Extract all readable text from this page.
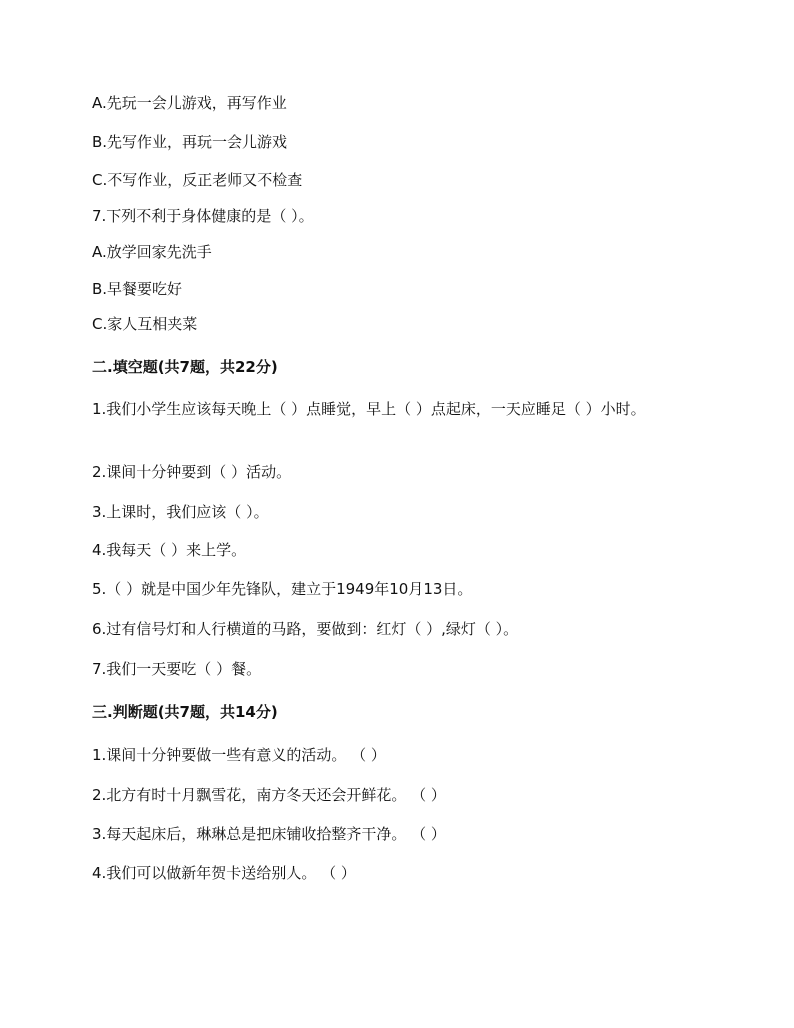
A.先玩一会儿游戏，再写作业
B.先写作业，再玩一会儿游戏
C.不写作业，反正老师又不检查
7.下列不利于身体健康的是（ ）。
A.放学回家先洗手
B.早餐要吃好
C.家人互相夹菜
二.填空题(共7题，共22分)
1.我们小学生应该每天晚上（ ）点睡觉，早上（ ）点起床，一天应睡足（ ）小时。
2.课间十分钟要到（ ）活动。
3.上课时，我们应该（ ）。
4.我每天（ ）来上学。
5.（ ）就是中国少年先锋队，建立于1949年10月13日。
6.过有信号灯和人行横道的马路，要做到：红灯（ ）,绿灯（ ）。
7.我们一天要吃（ ）餐。
三.判断题(共7题，共14分)
1.课间十分钟要做一些有意义的活动。 （ ）
2.北方有时十月飘雪花，南方冬天还会开鲜花。 （ ）
3.每天起床后，琳琳总是把床铺收拾整齐干净。 （ ）
4.我们可以做新年贺卡送给别人。 （ ）
